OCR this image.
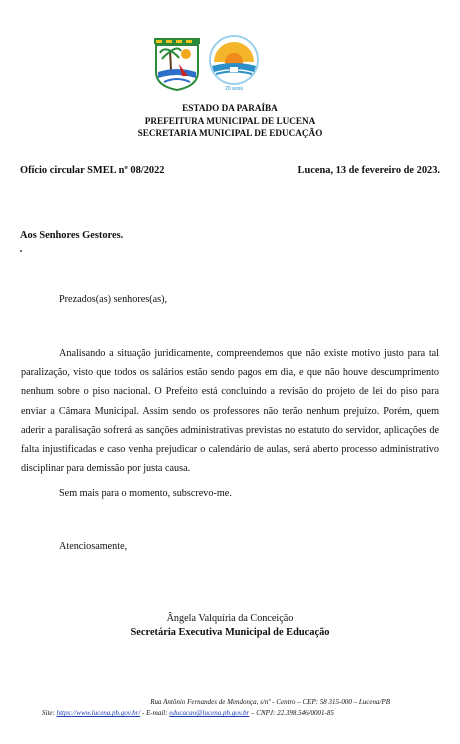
20 anos
ESTADO DA PARAÍBA
PREFEITURA MUNICIPAL DE LUCENA
SECRETARIA MUNICIPAL DE EDUCAÇÃO
Ofício circular SMEL nº 08/2022	Lucena, 13 de fevereiro de 2023.
Aos Senhores Gestores.
Prezados(as) senhores(as),
Analisando a situação juridicamente, compreendemos que não existe motivo justo para tal paralização, visto que todos os salários estão sendo pagos em dia, e que não houve descumprimento nenhum sobre o piso nacional. O Prefeito está concluindo a revisão do projeto de lei do piso para enviar a Câmara Municipal. Assim sendo os professores não terão nenhum prejuízo. Porém, quem aderir a paralisação sofrerá as sanções administrativas previstas no estatuto do servidor, aplicações de falta injustificadas e caso venha prejudicar o calendário de aulas, será aberto processo administrativo disciplinar para demissão por justa causa.
Sem mais para o momento, subscrevo-me.
Atenciosamente,
Ângela Valquíria da Conceição
Secretária Executiva Municipal de Educação
Rua Antônio Fernandes de Mendonça, s/nº - Centro – CEP: 58 315-000 – Lucena/PB
Site: https://www.lucena.pb.gov.br/ - E-mail: educacao@lucena.pb.gov.br – CNPJ: 22.398.546/0001-85
